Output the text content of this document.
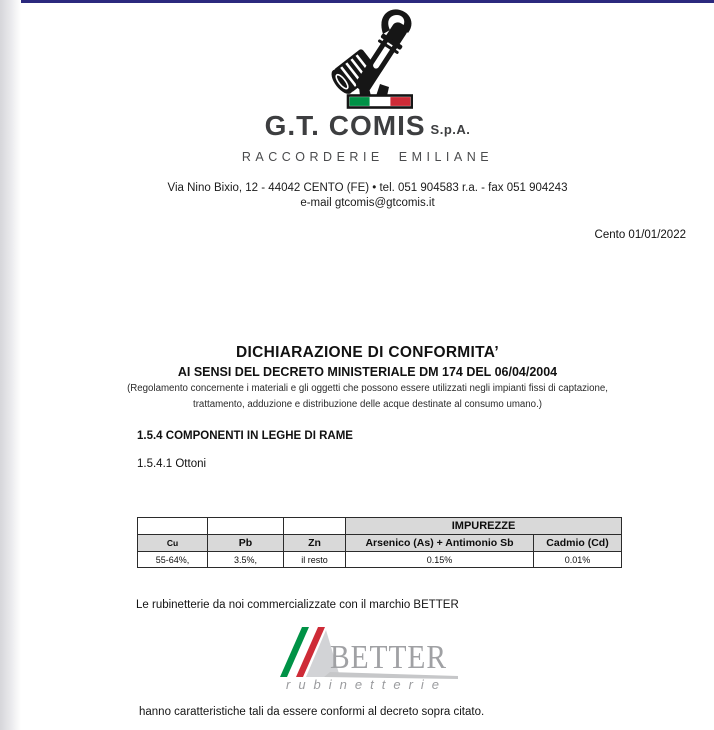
G.T. COMIS S.p.A.
RACCORDERIE EMILIANE
Via Nino Bixio, 12 - 44042 CENTO (FE) • tel. 051 904583 r.a. - fax 051 904243
e-mail gtcomis@gtcomis.it
Cento 01/01/2022
DICHIARAZIONE DI CONFORMITA’
AI SENSI DEL DECRETO MINISTERIALE DM 174 DEL 06/04/2004
(Regolamento concernente i materiali e gli oggetti che possono essere utilizzati negli impianti fissi di captazione,
trattamento, adduzione e distribuzione delle acque destinate al consumo umano.)
1.5.4 COMPONENTI IN LEGHE DI RAME
1.5.4.1 Ottoni
			IMPUREZZE	
Cu	Pb	Zn	Arsenico (As) + Antimonio Sb	Cadmio (Cd)
55-64%,	3.5%,	il resto	0.15%	0.01%
Le rubinetterie da noi commercializzate con il marchio BETTER
BETTER
rubinetterie
hanno caratteristiche tali da essere conformi al decreto sopra citato.
